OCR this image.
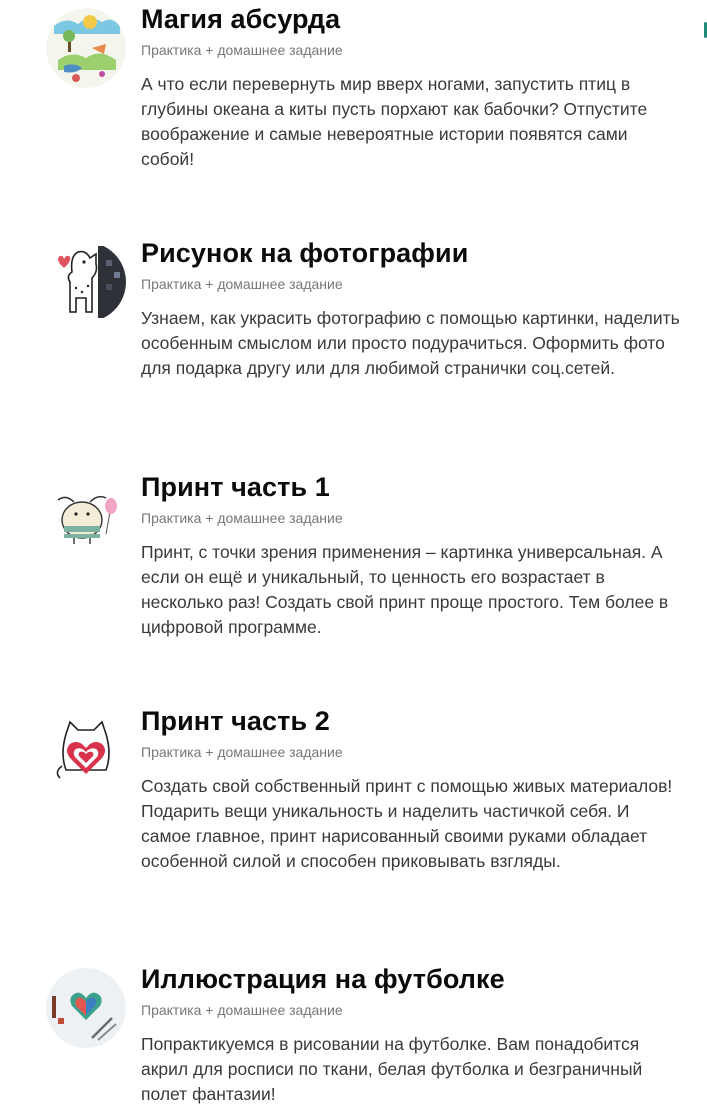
Магия абсурда
Практика + домашнее задание

А что если перевернуть мир вверх ногами, запустить птиц в глубины океана а киты пусть порхают как бабочки? Отпустите воображение и самые невероятные истории появятся сами собой!

Рисунок на фотографии
Практика + домашнее задание

Узнаем, как украсить фотографию с помощью картинки, наделить особенным смыслом или просто подурачиться. Оформить фото для подарка другу или для любимой странички соц.сетей.

Принт часть 1
Практика + домашнее задание

Принт, с точки зрения применения – картинка универсальная. А если он ещё и уникальный, то ценность его возрастает в несколько раз! Создать свой принт проще простого. Тем более в цифровой программе.

Принт часть 2
Практика + домашнее задание

Создать свой собственный принт с помощью живых материалов! Подарить вещи уникальность и наделить частичкой себя. И самое главное, принт нарисованный своими руками обладает особенной силой и способен приковывать взгляды.

Иллюстрация на футболке
Практика + домашнее задание

Попрактикуемся в рисовании на футболке. Вам понадобится акрил для росписи по ткани, белая футболка и безграничный полет фантазии!
